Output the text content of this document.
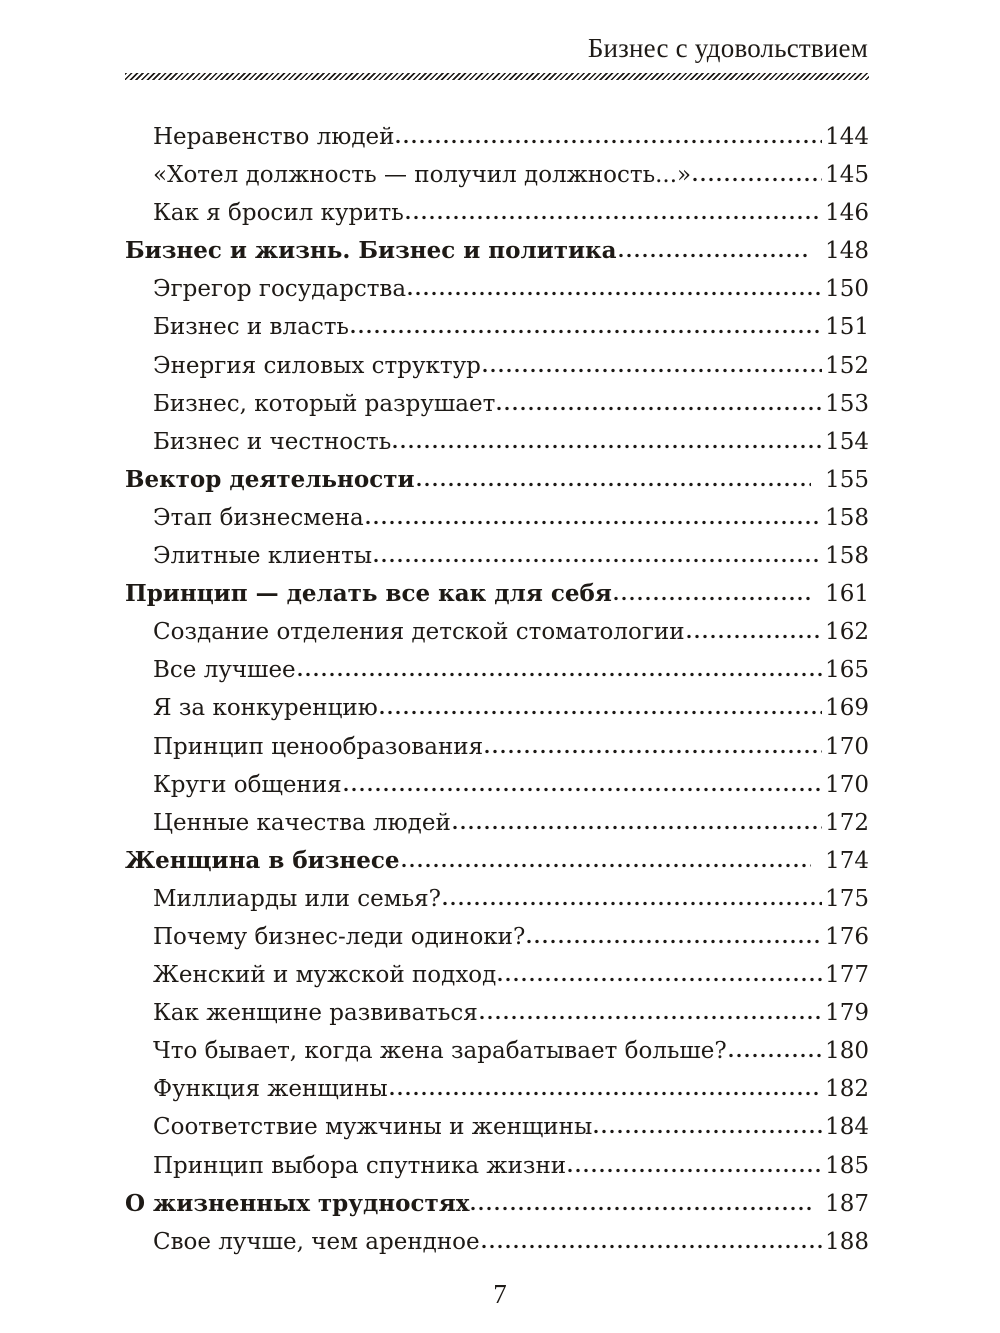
Бизнес с удовольствием
Неравенство людей	144
«Хотел должность — получил должность...»	145
Как я бросил курить	146
Бизнес и жизнь. Бизнес и политика	148
Эгрегор государства	150
Бизнес и власть	151
Энергия силовых структур	152
Бизнес, который разрушает	153
Бизнес и честность	154
Вектор деятельности	155
Этап бизнесмена	158
Элитные клиенты	158
Принцип — делать все как для себя	161
Создание отделения детской стоматологии	162
Все лучшее	165
Я за конкуренцию	169
Принцип ценообразования	170
Круги общения	170
Ценные качества людей	172
Женщина в бизнесе	174
Миллиарды или семья?	175
Почему бизнес-леди одиноки?	176
Женский и мужской подход	177
Как женщине развиваться	179
Что бывает, когда жена зарабатывает больше?	180
Функция женщины	182
Соответствие мужчины и женщины	184
Принцип выбора спутника жизни	185
О жизненных трудностях	187
Свое лучше, чем арендное	188
7
